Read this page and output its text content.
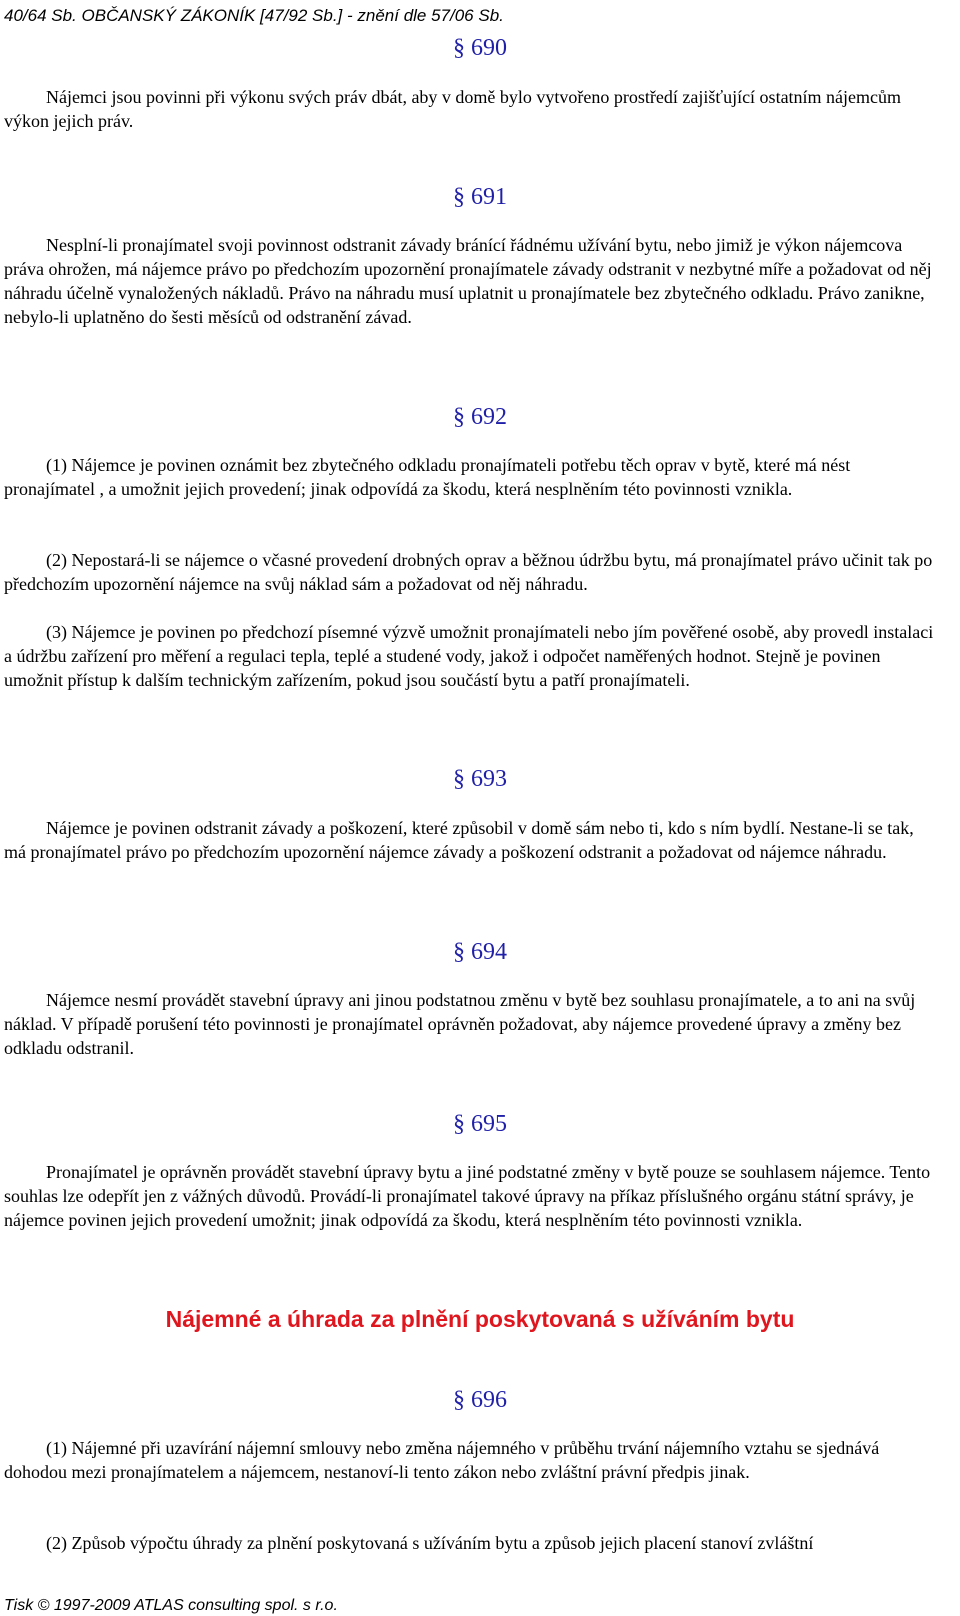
40/64 Sb. OBČANSKÝ ZÁKONÍK [47/92 Sb.] - znění dle 57/06 Sb.
§ 690
Nájemci jsou povinni při výkonu svých práv dbát, aby v domě bylo vytvořeno prostředí zajišťující ostatním nájemcům výkon jejich práv.
§ 691
Nesplní-li pronajímatel svoji povinnost odstranit závady bránící řádnému užívání bytu, nebo jimiž je výkon nájemcova práva ohrožen, má nájemce právo po předchozím upozornění pronajímatele závady odstranit v nezbytné míře a požadovat od něj náhradu účelně vynaložených nákladů. Právo na náhradu musí uplatnit u pronajímatele bez zbytečného odkladu. Právo zanikne, nebylo-li uplatněno do šesti měsíců od odstranění závad.
§ 692
(1) Nájemce je povinen oznámit bez zbytečného odkladu pronajímateli potřebu těch oprav v bytě, které má nést pronajímatel , a umožnit jejich provedení; jinak odpovídá za škodu, která nesplněním této povinnosti vznikla.
(2) Nepostará-li se nájemce o včasné provedení drobných oprav a běžnou údržbu bytu, má pronajímatel právo učinit tak po předchozím upozornění nájemce na svůj náklad sám a požadovat od něj náhradu.
(3) Nájemce je povinen po předchozí písemné výzvě umožnit pronajímateli nebo jím pověřené osobě, aby provedl instalaci a údržbu zařízení pro měření a regulaci tepla, teplé a studené vody, jakož i odpočet naměřených hodnot. Stejně je povinen umožnit přístup k dalším technickým zařízením, pokud jsou součástí bytu a patří pronajímateli.
§ 693
Nájemce je povinen odstranit závady a poškození, které způsobil v domě sám nebo ti, kdo s ním bydlí. Nestane-li se tak, má pronajímatel právo po předchozím upozornění nájemce závady a poškození odstranit a požadovat od nájemce náhradu.
§ 694
Nájemce nesmí provádět stavební úpravy ani jinou podstatnou změnu v bytě bez souhlasu pronajímatele, a to ani na svůj náklad. V případě porušení této povinnosti je pronajímatel oprávněn požadovat, aby nájemce provedené úpravy a změny bez odkladu odstranil.
§ 695
Pronajímatel je oprávněn provádět stavební úpravy bytu a jiné podstatné změny v bytě pouze se souhlasem nájemce. Tento souhlas lze odepřít jen z vážných důvodů. Provádí-li pronajímatel takové úpravy na příkaz příslušného orgánu státní správy, je nájemce povinen jejich provedení umožnit; jinak odpovídá za škodu, která nesplněním této povinnosti vznikla.
Nájemné a úhrada za plnění poskytovaná s užíváním bytu
§ 696
(1) Nájemné při uzavírání nájemní smlouvy nebo změna nájemného v průběhu trvání nájemního vztahu se sjednává dohodou mezi pronajímatelem a nájemcem, nestanoví-li tento zákon nebo zvláštní právní předpis jinak.
(2) Způsob výpočtu úhrady za plnění poskytovaná s užíváním bytu a způsob jejich placení stanoví zvláštní
Tisk © 1997-2009 ATLAS consulting spol. s r.o.
